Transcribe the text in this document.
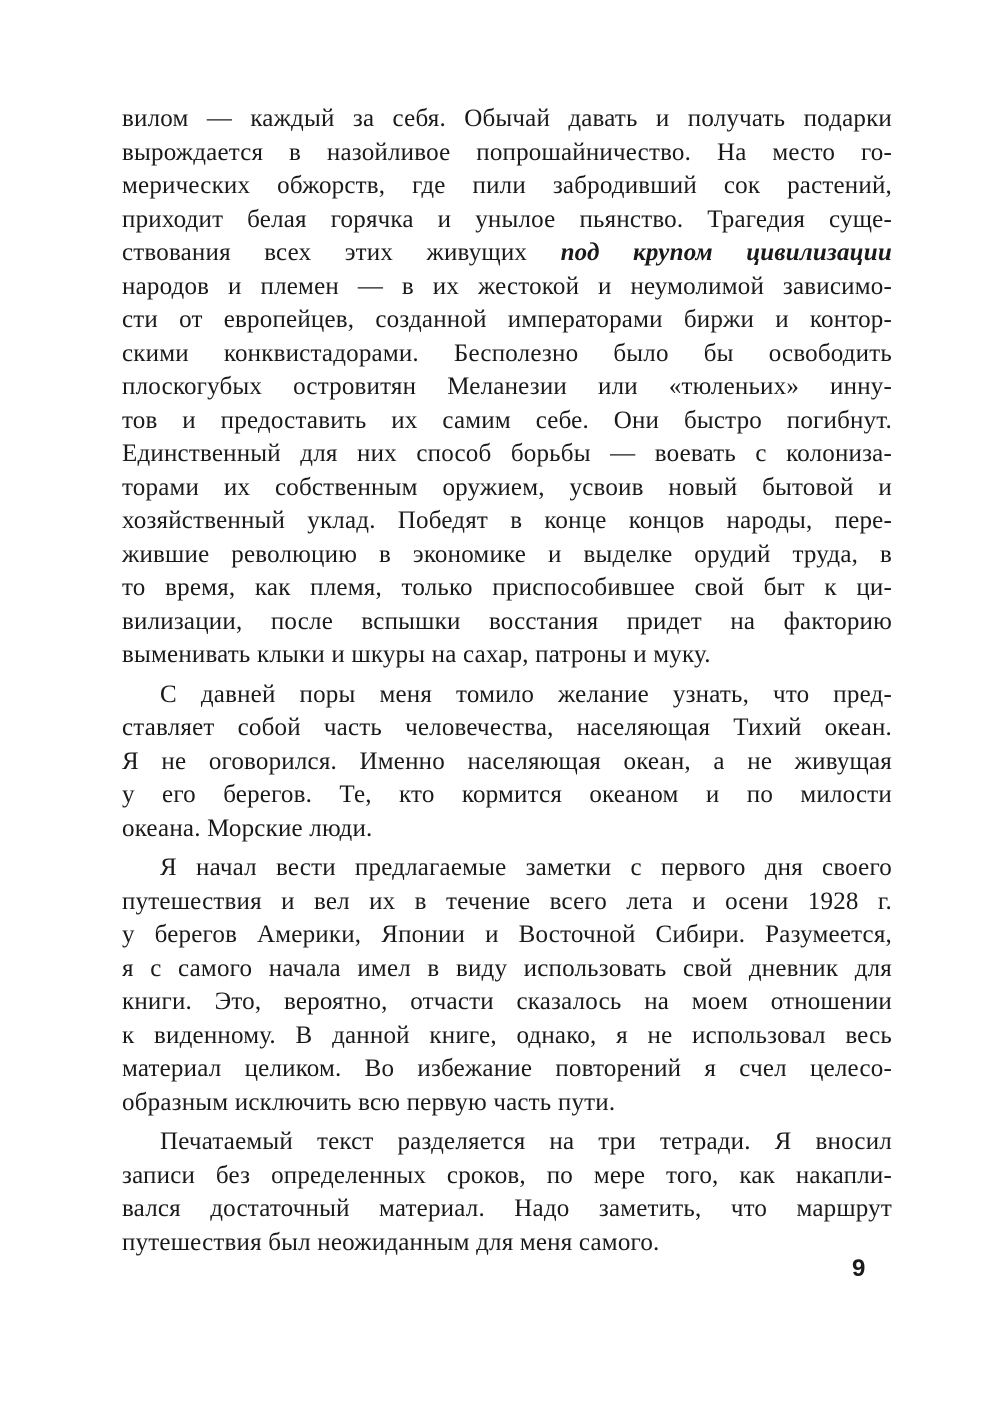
вилом — каждый за себя. Обычай давать и получать подарки
вырождается в назойливое попрошайничество. На место го-
мерических обжорств, где пили забродивший сок растений,
приходит белая горячка и унылое пьянство. Трагедия суще-
ствования всех этих живущих под крупом цивилизации
народов и племен — в их жестокой и неумолимой зависимо-
сти от европейцев, созданной императорами биржи и контор-
скими конквистадорами. Бесполезно было бы освободить
плоскогубых островитян Меланезии или «тюленьих» инну-
тов и предоставить их самим себе. Они быстро погибнут.
Единственный для них способ борьбы — воевать с колониза-
торами их собственным оружием, усвоив новый бытовой и
хозяйственный уклад. Победят в конце концов народы, пере-
жившие революцию в экономике и выделке орудий труда, в
то время, как племя, только приспособившее свой быт к ци-
вилизации, после вспышки восстания придет на факторию
выменивать клыки и шкуры на сахар, патроны и муку.
С давней поры меня томило желание узнать, что пред-
ставляет собой часть человечества, населяющая Тихий океан.
Я не оговорился. Именно населяющая океан, а не живущая
у его берегов. Те, кто кормится океаном и по милости
океана. Морские люди.
Я начал вести предлагаемые заметки с первого дня своего
путешествия и вел их в течение всего лета и осени 1928 г.
у берегов Америки, Японии и Восточной Сибири. Разумеется,
я с самого начала имел в виду использовать свой дневник для
книги. Это, вероятно, отчасти сказалось на моем отношении
к виденному. В данной книге, однако, я не использовал весь
материал целиком. Во избежание повторений я счел целесо-
образным исключить всю первую часть пути.
Печатаемый текст разделяется на три тетради. Я вносил
записи без определенных сроков, по мере того, как накапли-
вался достаточный материал. Надо заметить, что маршрут
путешествия был неожиданным для меня самого.
9
